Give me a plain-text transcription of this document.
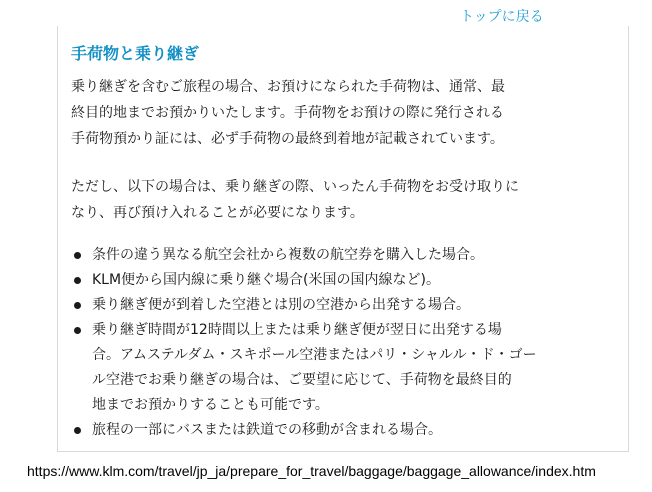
トップに戻る
手荷物と乗り継ぎ

乗り継ぎを含むご旅程の場合、お預けになられた手荷物は、通常、最
終目的地までお預かりいたします。手荷物をお預けの際に発行される
手荷物預かり証には、必ず手荷物の最終到着地が記載されています。

ただし、以下の場合は、乗り継ぎの際、いったん手荷物をお受け取りに
なり、再び預け入れることが必要になります。

条件の違う異なる航空会社から複数の航空券を購入した場合。
KLM便から国内線に乗り継ぐ場合(米国の国内線など)。
乗り継ぎ便が到着した空港とは別の空港から出発する場合。
乗り継ぎ時間が12時間以上または乗り継ぎ便が翌日に出発する場
合。アムステルダム・スキポール空港またはパリ・シャルル・ド・ゴー
ル空港でお乗り継ぎの場合は、ご要望に応じて、手荷物を最終目的
地までお預かりすることも可能です。
旅程の一部にバスまたは鉄道での移動が含まれる場合。
https://www.klm.com/travel/jp_ja/prepare_for_travel/baggage/baggage_allowance/index.htm
